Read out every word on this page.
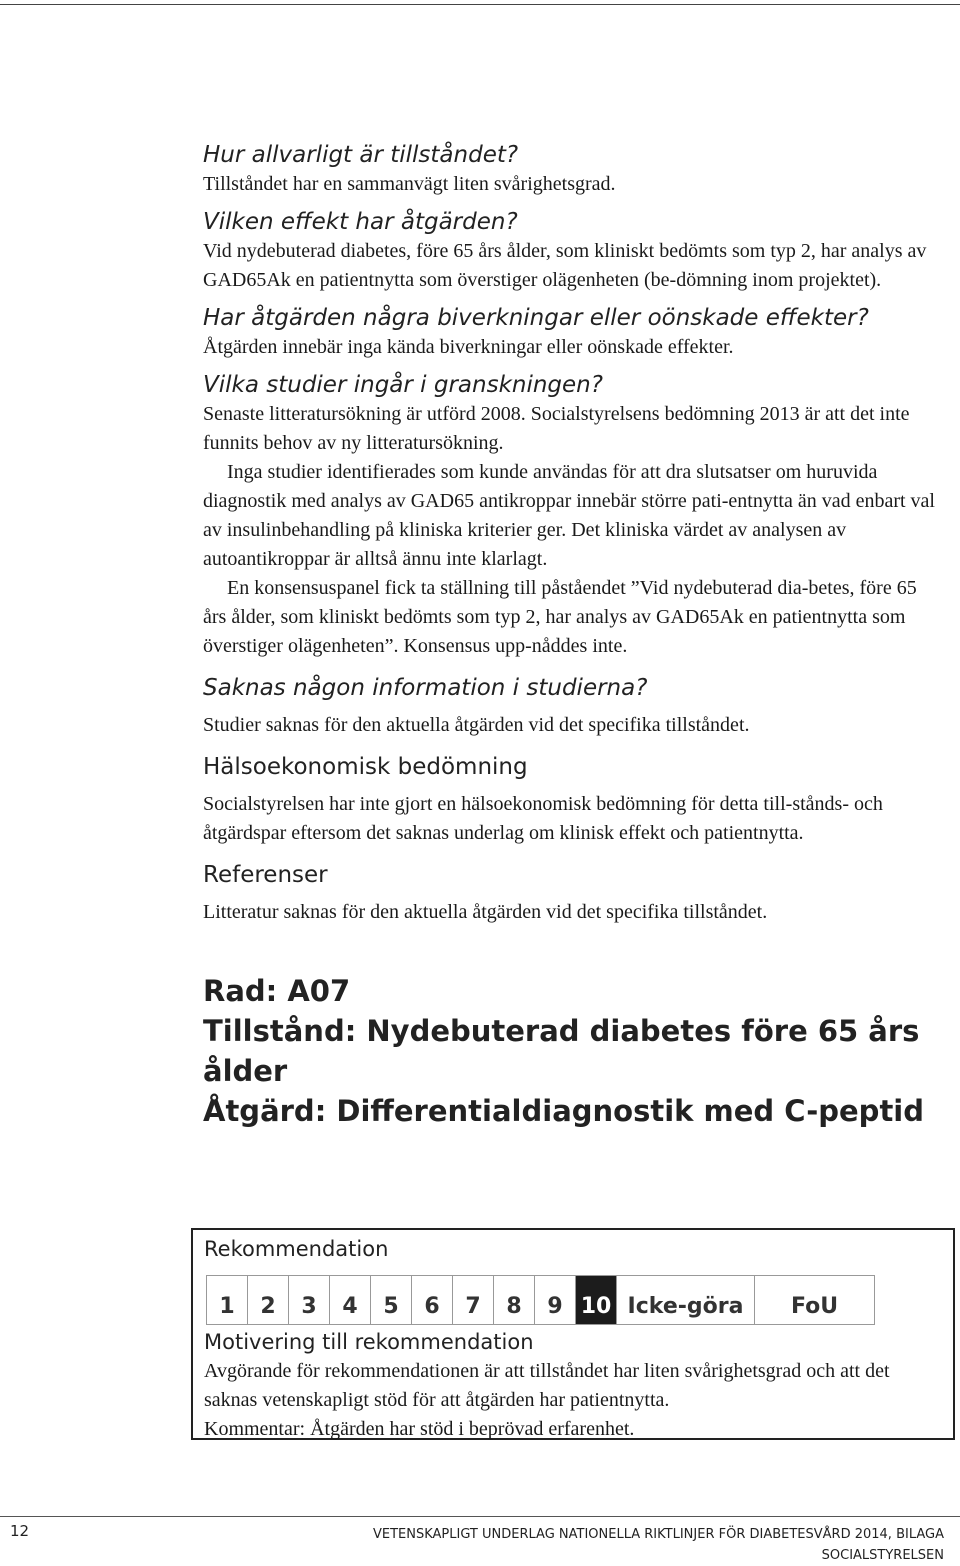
Hur allvarligt är tillståndet?

Tillståndet har en sammanvägt liten svårighetsgrad.

Vilken effekt har åtgärden?

Vid nydebuterad diabetes, före 65 års ålder, som kliniskt bedömts som typ 2, har analys av GAD65Ak en patientnytta som överstiger olägenheten (be-dömning inom projektet).

Har åtgärden några biverkningar eller oönskade effekter?

Åtgärden innebär inga kända biverkningar eller oönskade effekter.

Vilka studier ingår i granskningen?

Senaste litteratursökning är utförd 2008. Socialstyrelsens bedömning 2013 är att det inte funnits behov av ny litteratursökning.

Inga studier identifierades som kunde användas för att dra slutsatser om huruvida diagnostik med analys av GAD65 antikroppar innebär större pati-entnytta än vad enbart val av insulinbehandling på kliniska kriterier ger. Det kliniska värdet av analysen av autoantikroppar är alltså ännu inte klarlagt.

En konsensuspanel fick ta ställning till påståendet ”Vid nydebuterad dia-betes, före 65 års ålder, som kliniskt bedömts som typ 2, har analys av GAD65Ak en patientnytta som överstiger olägenheten”. Konsensus upp-nåddes inte.

Saknas någon information i studierna?

Studier saknas för den aktuella åtgärden vid det specifika tillståndet.

Hälsoekonomisk bedömning

Socialstyrelsen har inte gjort en hälsoekonomisk bedömning för detta till-stånds- och åtgärdspar eftersom det saknas underlag om klinisk effekt och patientnytta.

Referenser

Litteratur saknas för den aktuella åtgärden vid det specifika tillståndet.

Rad: A07
Tillstånd: Nydebuterad diabetes före 65 års ålder
Åtgärd: Differentialdiagnostik med C-peptid
Rekommendation
1	2	3	4	5	6	7	8	9 10 Icke-göra	FoU
Motivering till rekommendation

Avgörande för rekommendationen är att tillståndet har liten svårighetsgrad och att det saknas vetenskapligt stöd för att åtgärden har patientnytta.

Kommentar: Åtgärden har stöd i beprövad erfarenhet.

12	VETENSKAPLIGT UNDERLAG NATIONELLA RIKTLINJER FÖR DIABETESVÅRD 2014, BILAGA
SOCIALSTYRELSEN
